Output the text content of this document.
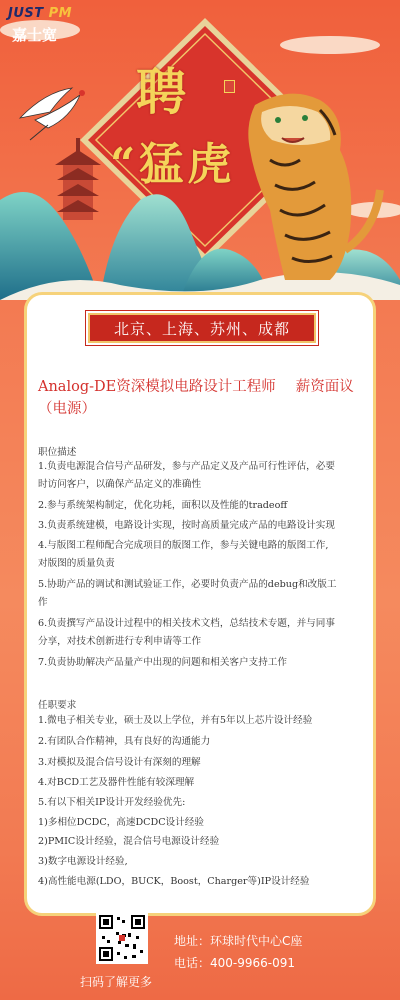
JUST PM
嘉士宽
聘
“猛虎
北京、上海、苏州、成都
Analog-DE资深模拟电路设计工程师 薪资面议
（电源）
职位描述
1.负责电源混合信号产品研发，参与产品定义及产品可行性评估，必要
时访问客户，以确保产品定义的准确性
2.参与系统架构制定，优化功耗，面积以及性能的tradeoff
3.负责系统建模，电路设计实现，按时高质量完成产品的电路设计实现
4.与版图工程师配合完成项目的版图工作，参与关键电路的版图工作,
对版图的质量负责
5.协助产品的调试和测试验证工作，必要时负责产品的debug和改版工
作
6.负责撰写产品设计过程中的相关技术文档，总结技术专题，并与同事
分享，对技术创新进行专利申请等工作
7.负责协助解决产品量产中出现的问题和相关客户支持工作
任职要求
1.微电子相关专业，硕士及以上学位，并有5年以上芯片设计经验
2.有团队合作精神，具有良好的沟通能力
3.对模拟及混合信号设计有深刻的理解
4.对BCD工艺及器件性能有较深理解
5.有以下相关IP设计开发经验优先:
1)多相位DCDC，高速DCDC设计经验
2)PMIC设计经验，混合信号电源设计经验
3)数字电源设计经验,
4)高性能电源(LDO，BUCK，Boost，Charger等)IP设计经验
扫码了解更多
地址：环球时代中心C座
电话：400-9966-091
